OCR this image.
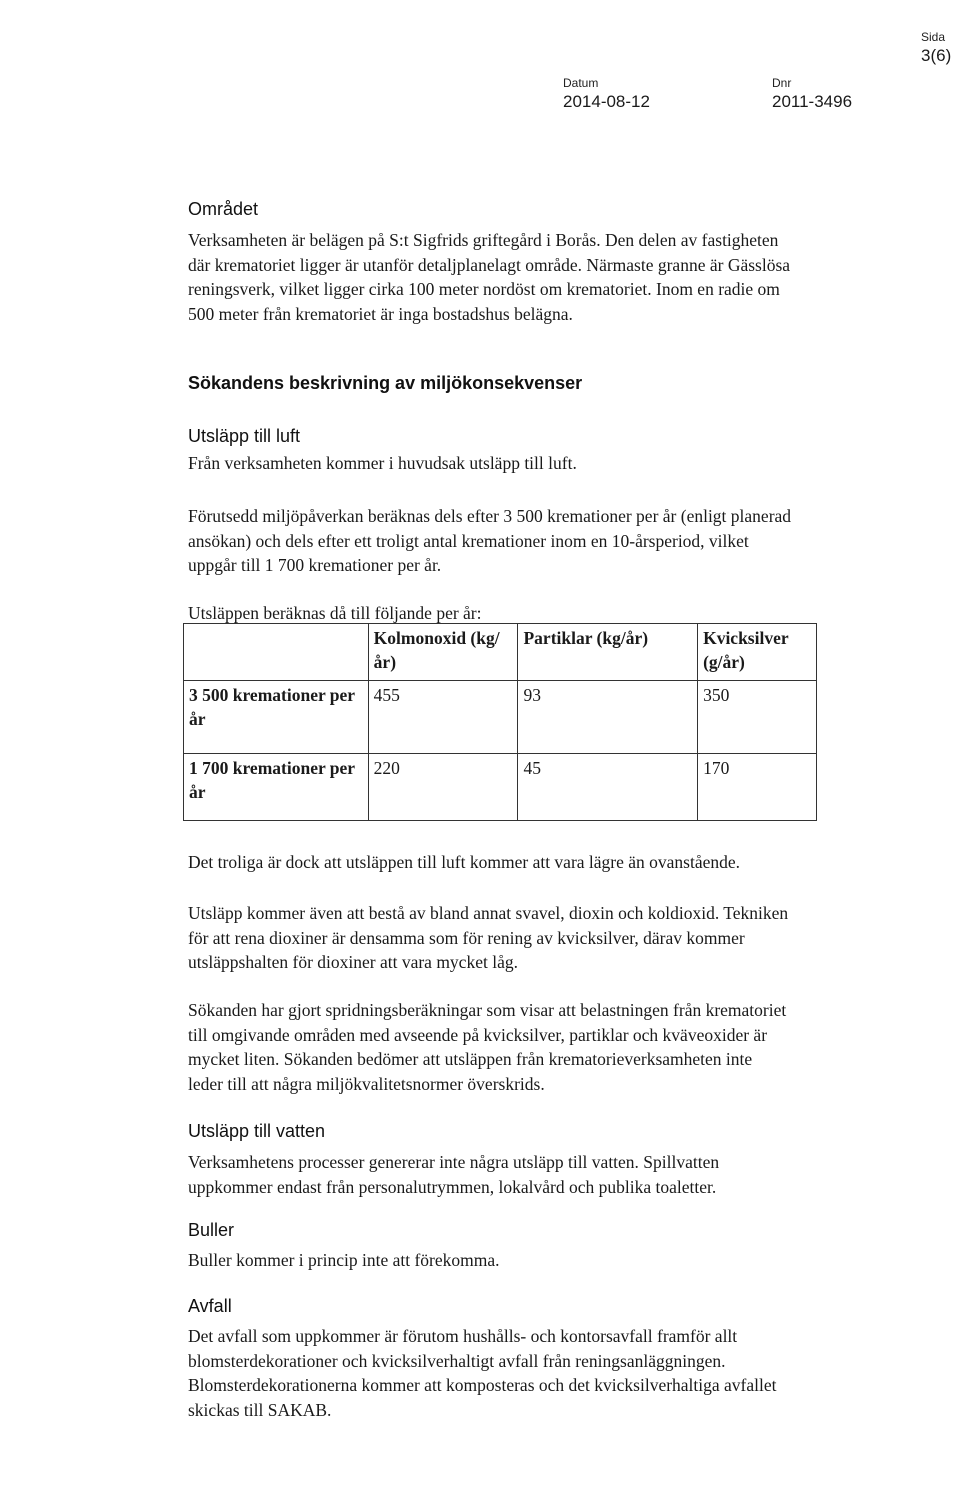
Sida
3(6)
Datum
2014-08-12
Dnr
2011-3496
Området

Verksamheten är belägen på S:t Sigfrids griftegård i Borås. Den delen av fastigheten
där krematoriet ligger är utanför detaljplanelagt område. Närmaste granne är Gässlösa
reningsverk, vilket ligger cirka 100 meter nordöst om krematoriet. Inom en radie om
500 meter från krematoriet är inga bostadshus belägna.

Sökandens beskrivning av miljökonsekvenser
Utsläpp till luft

Från verksamheten kommer i huvudsak utsläpp till luft.

Förutsedd miljöpåverkan beräknas dels efter 3 500 kremationer per år (enligt planerad
ansökan) och dels efter ett troligt antal kremationer inom en 10-årsperiod, vilket
uppgår till 1 700 kremationer per år.

Utsläppen beräknas då till följande per år:

	Kolmonoxid (kg/år)	Partiklar (kg/år)	Kvicksilver (g/år)
3 500 kremationer per år	455	93	350
1 700 kremationer per år	220	45	170

Det troliga är dock att utsläppen till luft kommer att vara lägre än ovanstående.

Utsläpp kommer även att bestå av bland annat svavel, dioxin och koldioxid. Tekniken
för att rena dioxiner är densamma som för rening av kvicksilver, därav kommer
utsläppshalten för dioxiner att vara mycket låg.

Sökanden har gjort spridningsberäkningar som visar att belastningen från krematoriet
till omgivande områden med avseende på kvicksilver, partiklar och kväveoxider är
mycket liten. Sökanden bedömer att utsläppen från krematorieverksamheten inte
leder till att några miljökvalitetsnormer överskrids.

Utsläpp till vatten

Verksamhetens processer genererar inte några utsläpp till vatten. Spillvatten
uppkommer endast från personalutrymmen, lokalvård och publika toaletter.

Buller

Buller kommer i princip inte att förekomma.

Avfall

Det avfall som uppkommer är förutom hushålls- och kontorsavfall framför allt
blomsterdekorationer och kvicksilverhaltigt avfall från reningsanläggningen.
Blomsterdekorationerna kommer att komposteras och det kvicksilverhaltiga avfallet
skickas till SAKAB.
